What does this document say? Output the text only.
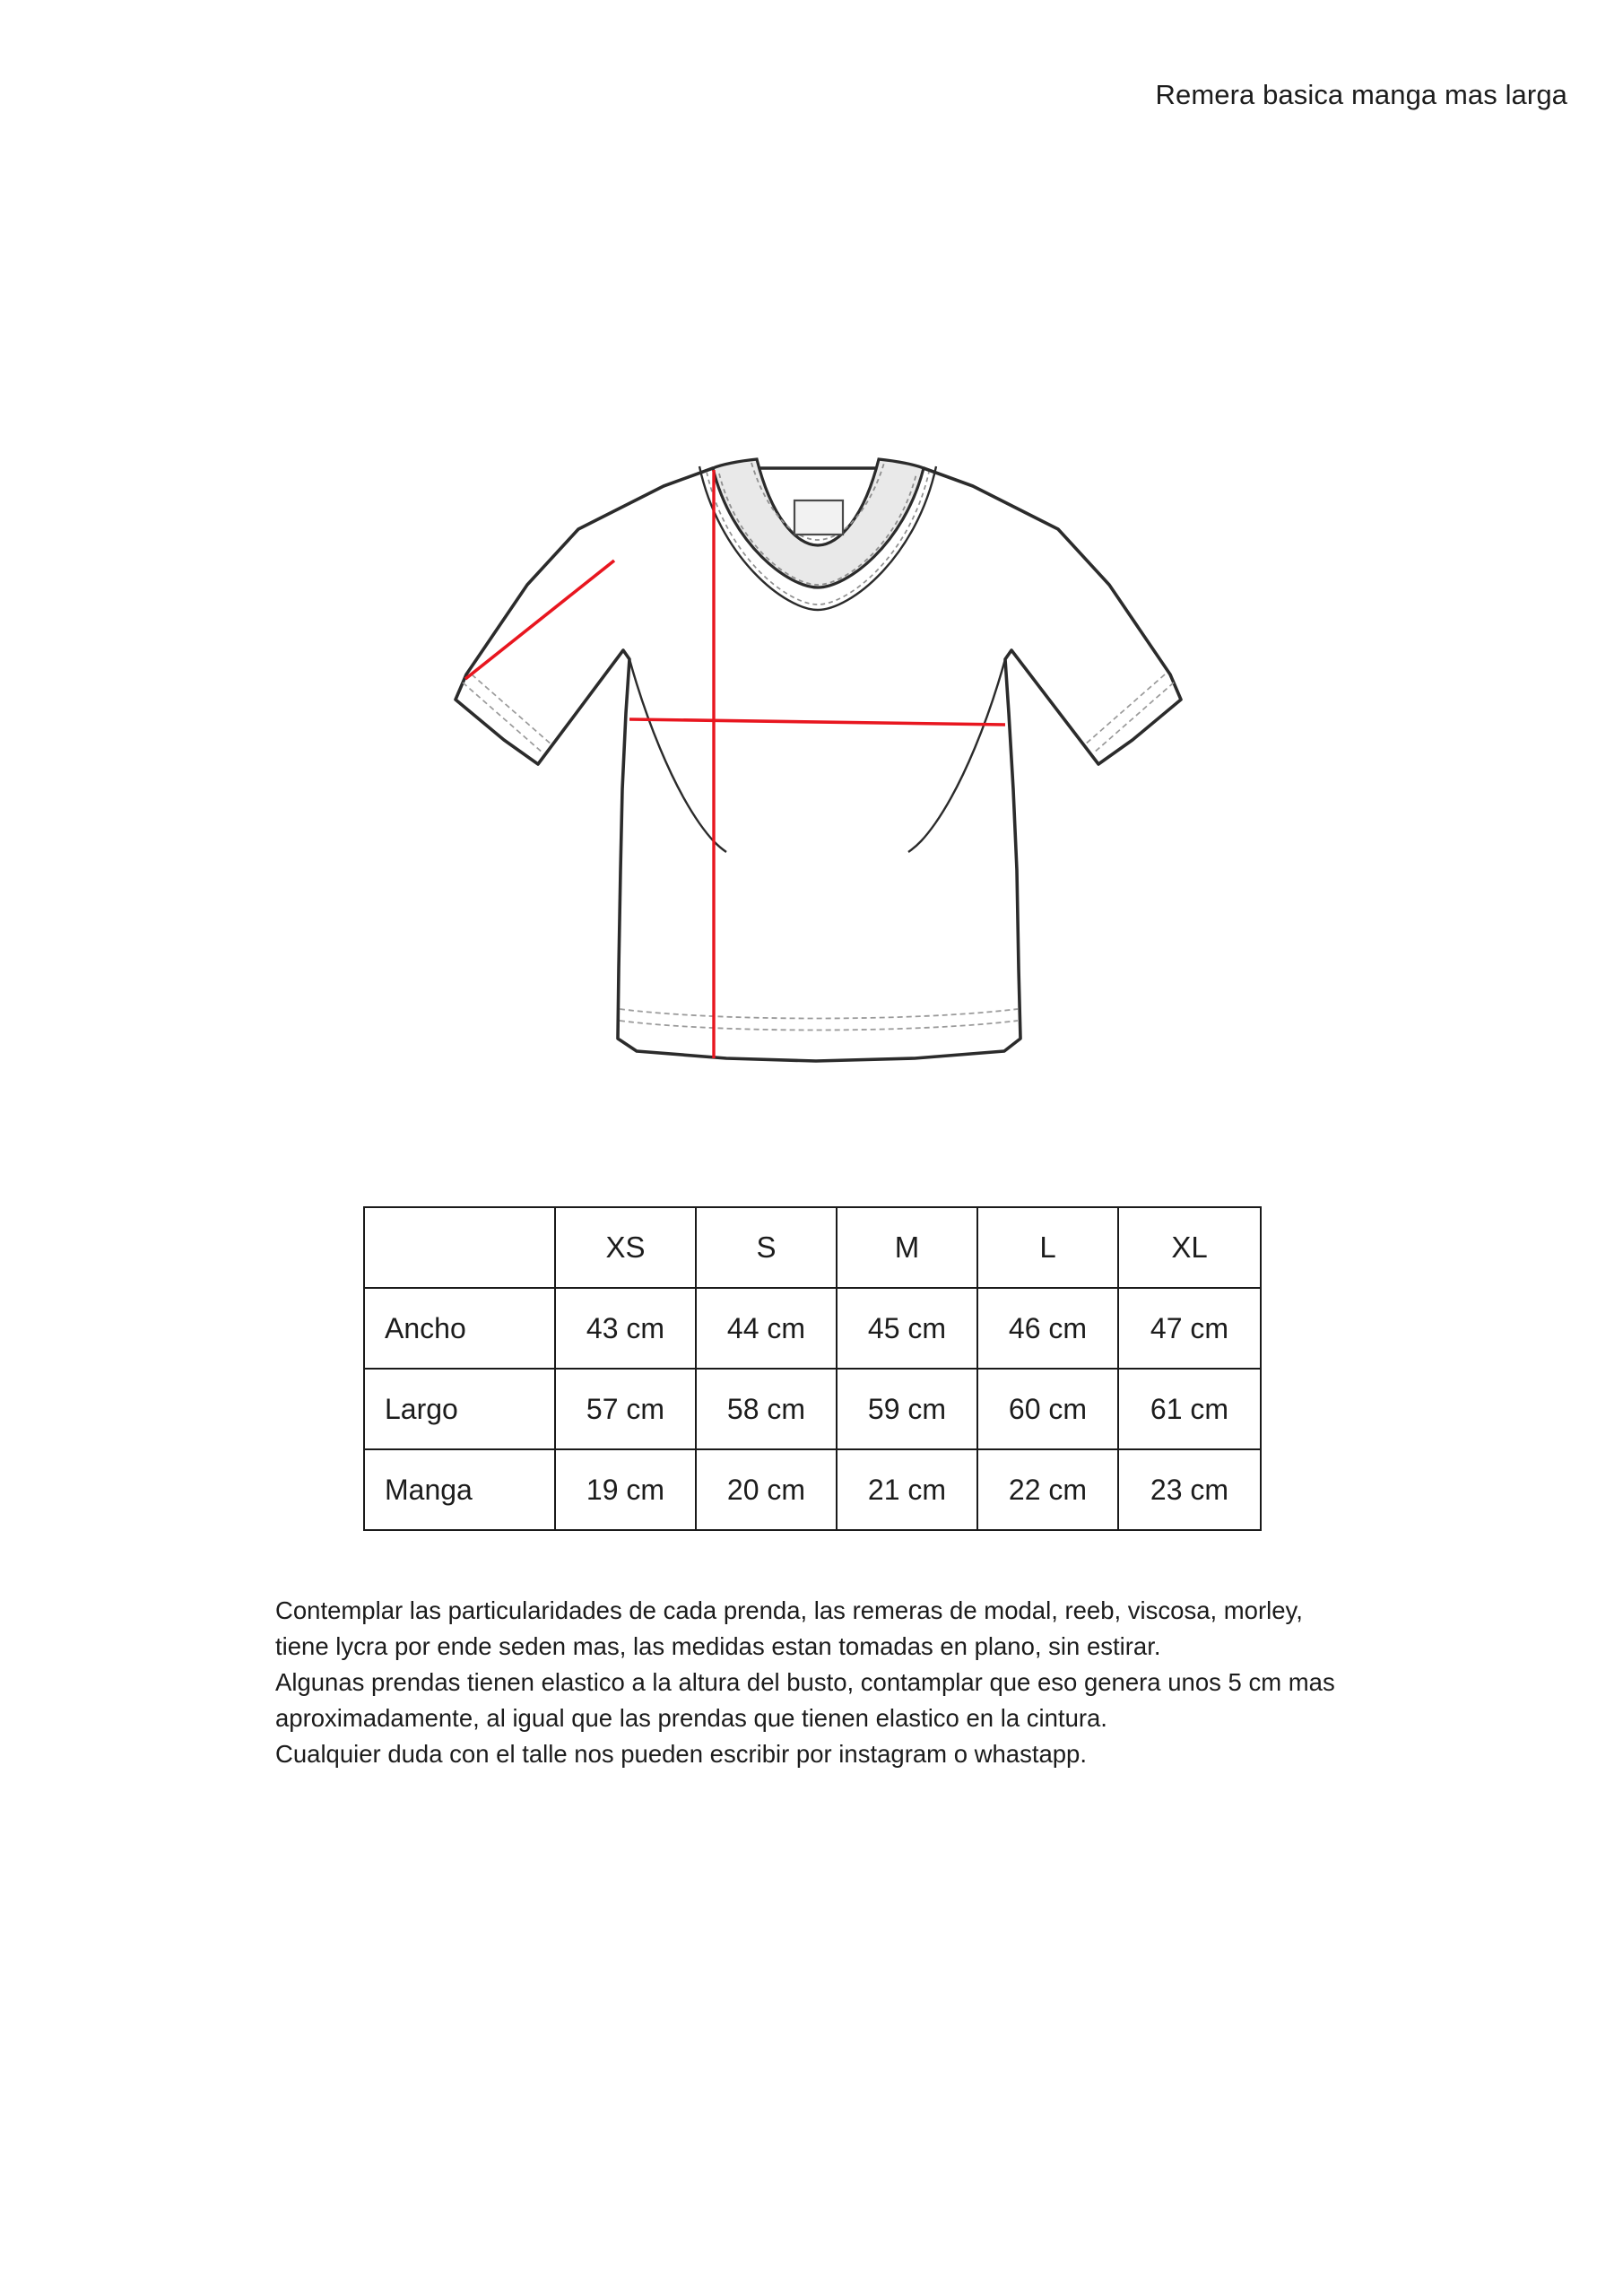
Remera basica manga mas larga
	XS	S	M	L	XL
Ancho	43 cm	44 cm	45 cm	46 cm	47 cm
Largo	57 cm	58 cm	59 cm	60 cm	61 cm
Manga	19 cm	20 cm	21 cm	22 cm	23 cm

Contemplar las particularidades de cada prenda, las remeras de modal, reeb, viscosa, morley, tiene lycra por ende seden mas, las medidas estan tomadas en plano, sin estirar.

Algunas prendas tienen elastico a la altura del busto, contamplar que eso genera unos 5 cm mas aproximadamente, al igual que las prendas que tienen elastico en la cintura.

Cualquier duda con el talle nos pueden escribir por instagram o whastapp.
